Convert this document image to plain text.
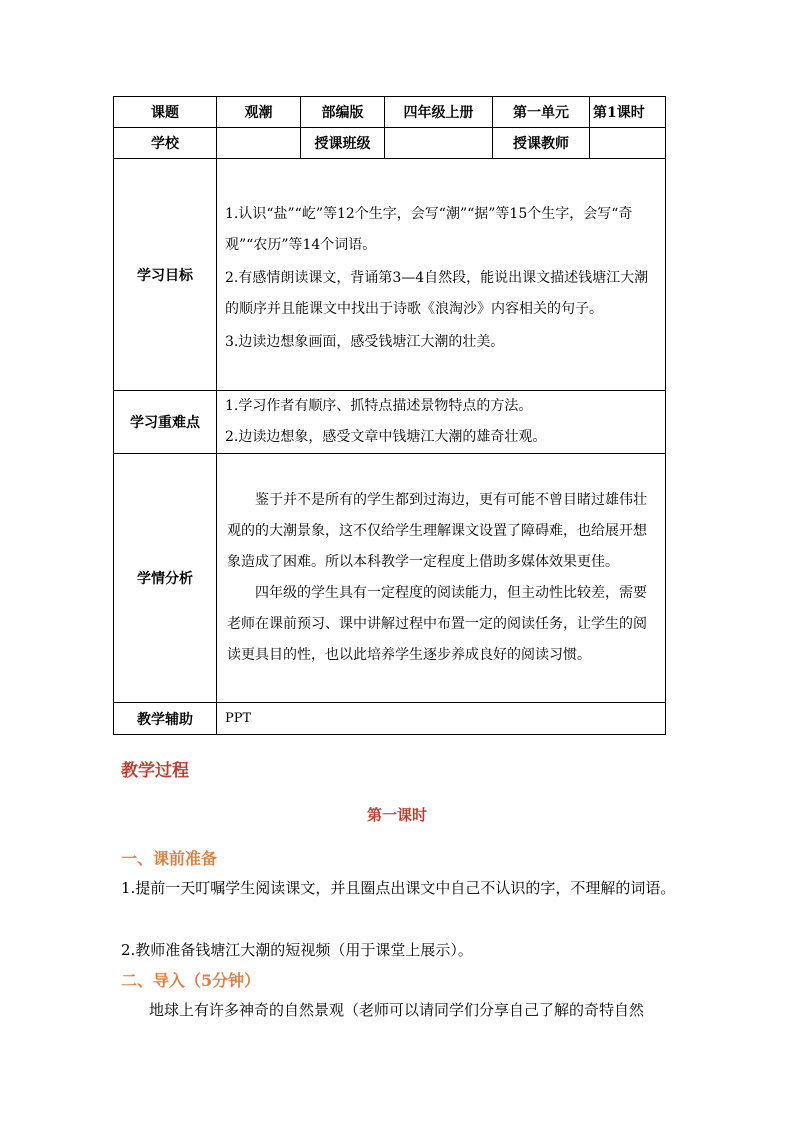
课题	观潮	部编版	四年级上册	第一单元	第1课时
学校		授课班级		授课教师	
学习目标	1.认识“盐”“屹”等12个生字，会写“潮”“据”等15个生字，会写“奇观”“农历”等14个词语。

2.有感情朗读课文，背诵第3—4自然段，能说出课文描述钱塘江大潮的顺序并且能课文中找出于诗歌《浪淘沙》内容相关的句子。

3.边读边想象画面，感受钱塘江大潮的壮美。				

学习重难点	1.学习作者有顺序、抓特点描述景物特点的方法。
2.边读边想象，感受文章中钱塘江大潮的雄奇壮观。				

学情分析	鉴于并不是所有的学生都到过海边，更有可能不曾目睹过雄伟壮观的的大潮景象，这不仅给学生理解课文设置了障碍难，也给展开想象造成了困难。所以本科教学一定程度上借助多媒体效果更佳。

四年级的学生具有一定程度的阅读能力，但主动性比较差，需要老师在课前预习、课中讲解过程中布置一定的阅读任务，让学生的阅读更具目的性，也以此培养学生逐步养成良好的阅读习惯。				

教学辅助	PPT				
教学过程
第一课时
一、课前准备
1.提前一天叮嘱学生阅读课文，并且圈点出课文中自己不认识的字，不理解的词语。
2.教师准备钱塘江大潮的短视频（用于课堂上展示）。
二、导入（5分钟）
地球上有许多神奇的自然景观（老师可以请同学们分享自己了解的奇特自然
